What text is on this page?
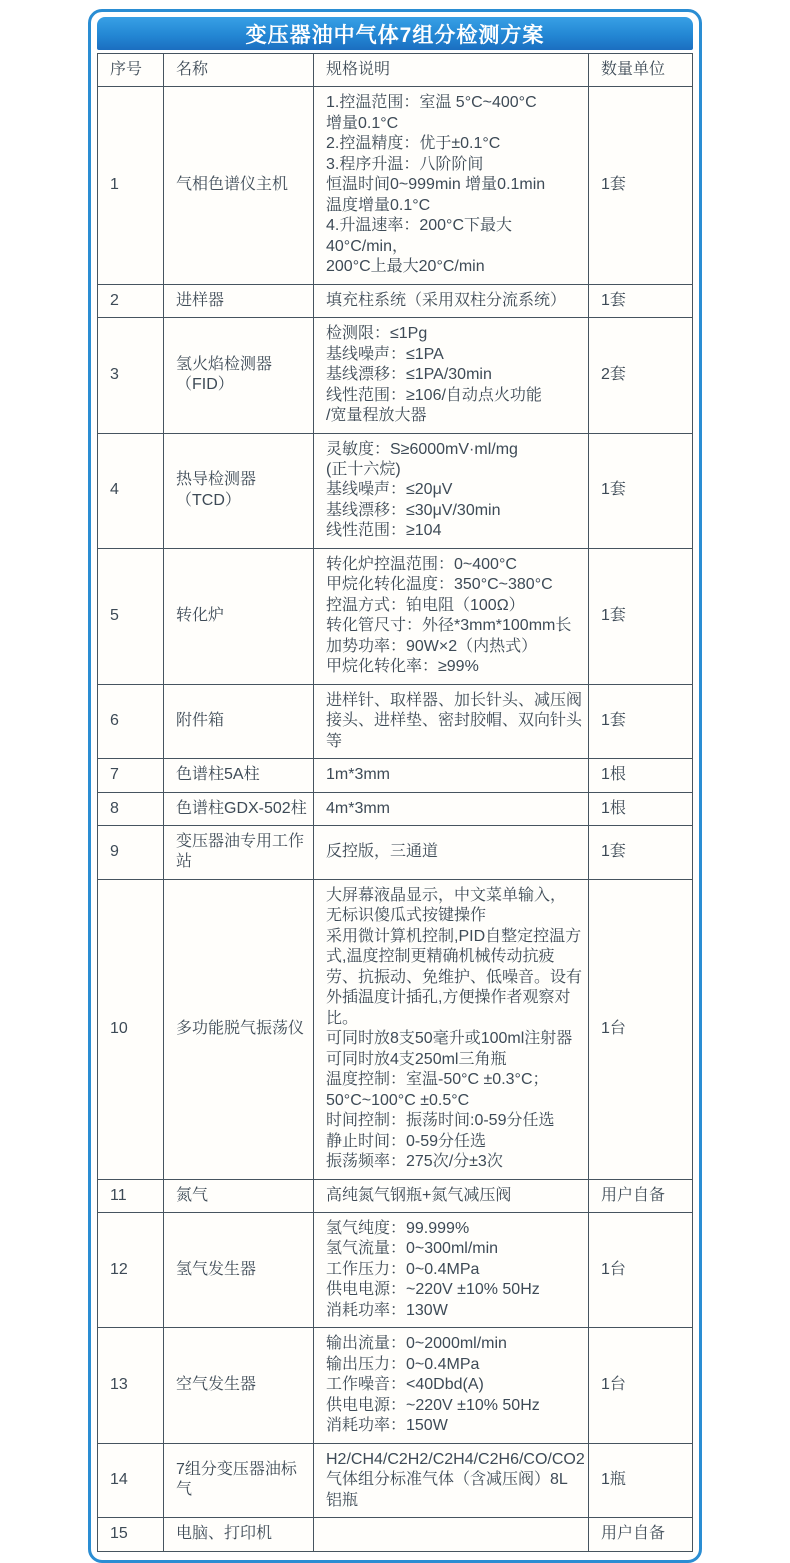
变压器油中气体7组分检测方案
序号	名称	规格说明	数量单位
1	气相色谱仪主机	1.控温范围：室温 5°C~400°C
增量0.1°C
2.控温精度：优于±0.1°C
3.程序升温：八阶阶间
恒温时间0~999min 增量0.1min
温度增量0.1°C
4.升温速率：200°C下最大40°C/min，
200°C上最大20°C/min	1套
2	进样器	填充柱系统（采用双柱分流系统）	1套
3	氢火焰检测器（FID）	检测限：≤1Pg
基线噪声：≤1PA
基线漂移：≤1PA/30min
线性范围：≥106/自动点火功能
/宽量程放大器	2套
4	热导检测器（TCD）	灵敏度：S≥6000mV·ml/mg
(正十六烷)
基线噪声：≤20μV
基线漂移：≤30μV/30min
线性范围：≥104	1套
5	转化炉	转化炉控温范围：0~400°C
甲烷化转化温度：350°C~380°C
控温方式：铂电阻（100Ω）
转化管尺寸：外径*3mm*100mm长
加势功率：90W×2（内热式）
甲烷化转化率：≥99%	1套
6	附件箱	进样针、取样器、加长针头、减压阀接头、进样垫、密封胶帽、双向针头等	1套
7	色谱柱5A柱	1m*3mm	1根
8	色谱柱GDX-502柱	4m*3mm	1根
9	变压器油专用工作站	反控版，三通道	1套
10	多功能脱气振荡仪	大屏幕液晶显示，中文菜单输入，
无标识傻瓜式按键操作
采用微计算机控制,PID自整定控温方式,温度控制更精确机械传动抗疲劳、抗振动、免维护、低噪音。设有外插温度计插孔,方便操作者观察对比。
可同时放8支50毫升或100ml注射器
可同时放4支250ml三角瓶
温度控制：室温-50°C ±0.3°C；
50°C~100°C ±0.5°C
时间控制：振荡时间:0-59分任选
静止时间：0-59分任选
振荡频率：275次/分±3次	1台
11	氮气	高纯氮气钢瓶+氮气减压阀	用户自备
12	氢气发生器	氢气纯度：99.999%
氢气流量：0~300ml/min
工作压力：0~0.4MPa
供电电源：~220V ±10% 50Hz
消耗功率：130W	1台
13	空气发生器	输出流量：0~2000ml/min
输出压力：0~0.4MPa
工作噪音：<40Dbd(A)
供电电源：~220V ±10% 50Hz
消耗功率：150W	1台
14	7组分变压器油标气	H2/CH4/C2H2/C2H4/C2H6/CO/CO2
气体组分标准气体（含减压阀）8L铝瓶	1瓶
15	电脑、打印机		用户自备
